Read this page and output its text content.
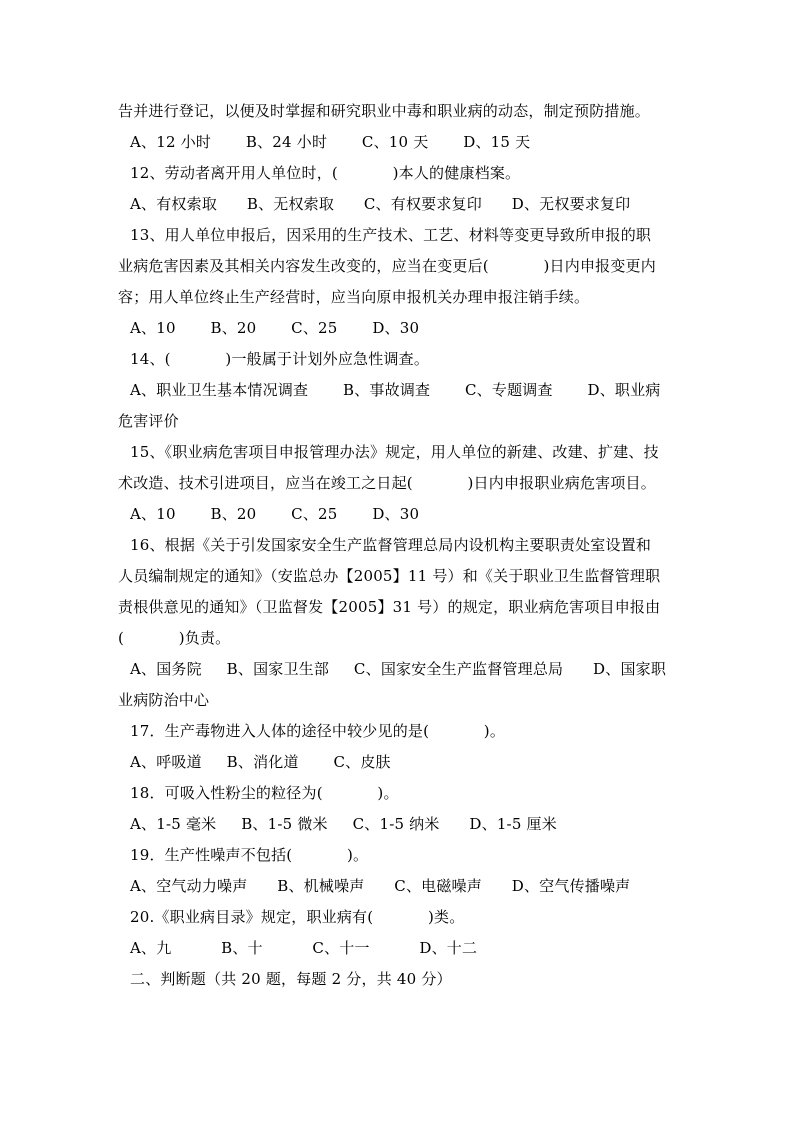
告并进行登记，以便及时掌握和研究职业中毒和职业病的动态，制定预防措施。
A、12 小时       B、24 小时       C、10 天       D、15 天
12、劳动者离开用人单位时，(           )本人的健康档案。
A、有权索取      B、无权索取      C、有权要求复印      D、无权要求复印
13、用人单位申报后，因采用的生产技术、工艺、材料等变更导致所申报的职
业病危害因素及其相关内容发生改变的，应当在变更后(           )日内申报变更内
容；用人单位终止生产经营时，应当向原申报机关办理申报注销手续。
A、10       B、20       C、25       D、30
14、(           )一般属于计划外应急性调查。
A、职业卫生基本情况调查       B、事故调查       C、专题调查       D、职业病
危害评价
15、《职业病危害项目申报管理办法》规定，用人单位的新建、改建、扩建、技
术改造、技术引进项目，应当在竣工之日起(           )日内申报职业病危害项目。
A、10       B、20       C、25       D、30
16、根据《关于引发国家安全生产监督管理总局内设机构主要职责处室设置和
人员编制规定的通知》（安监总办【2005】11 号）和《关于职业卫生监督管理职
责根供意见的通知》（卫监督发【2005】31 号）的规定，职业病危害项目申报由
(           )负责。
A、国务院     B、国家卫生部     C、国家安全生产监督管理总局      D、国家职
业病防治中心
17．生产毒物进入人体的途径中较少见的是(           )。
A、呼吸道     B、消化道       C、皮肤
18．可吸入性粉尘的粒径为(           )。
A、1-5 毫米     B、1-5 微米     C、1-5 纳米      D、1-5 厘米
19．生产性噪声不包括(           )。
A、空气动力噪声      B、机械噪声      C、电磁噪声      D、空气传播噪声
20.《职业病目录》规定，职业病有(           )类。
A、九          B、十          C、十一          D、十二
二、判断题（共 20 题，每题 2 分，共 40 分）
